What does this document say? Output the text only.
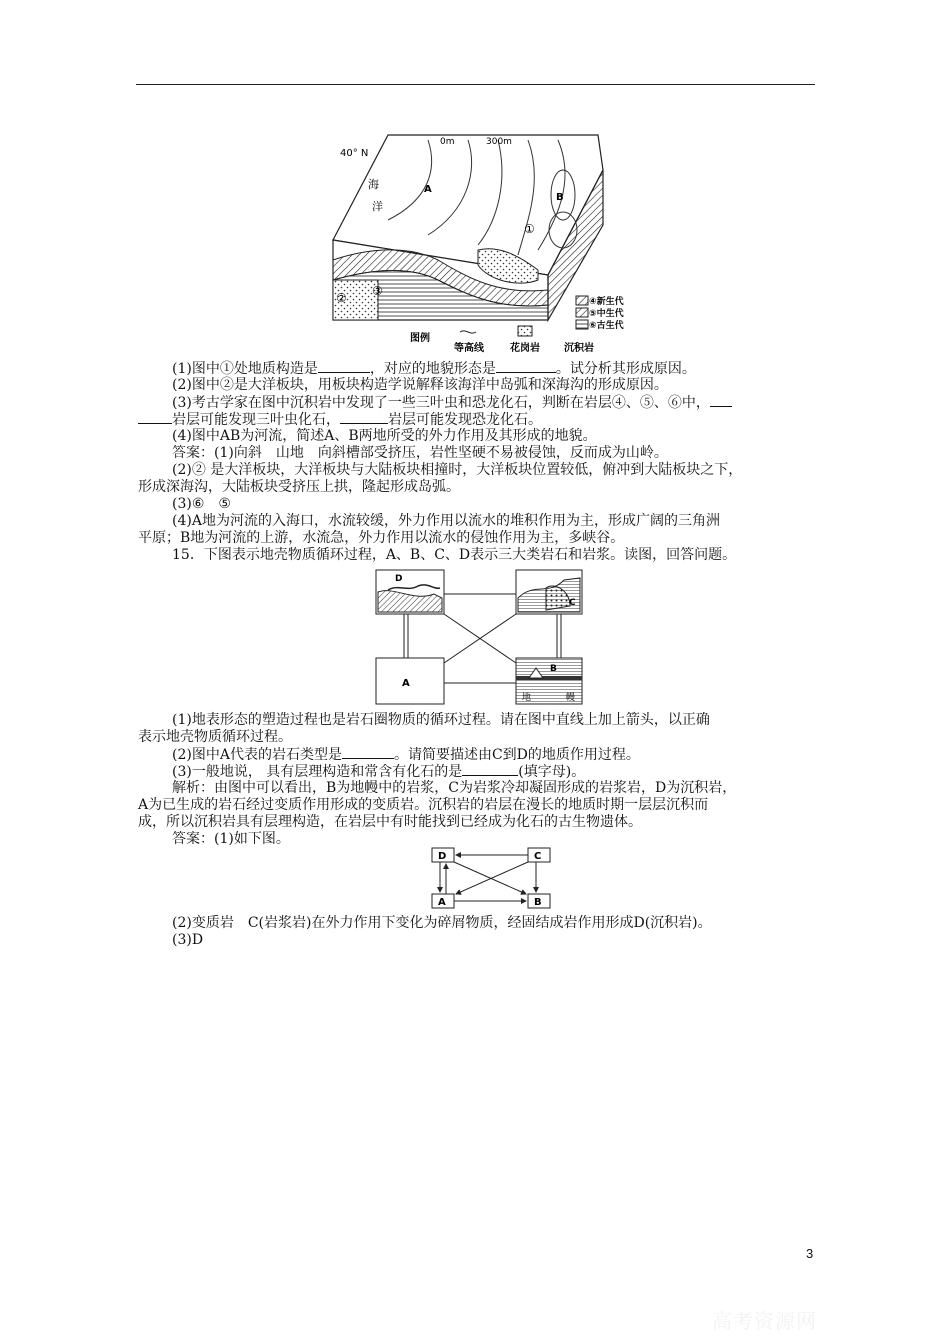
40° N
0m	300m
海
洋
A
B
①
② ③
图例
等高线	花岗岩 沉积岩
④新生代
⑤中生代
⑥古生代
(1)图中①处地质构造是	，对应的地貌形态是	。试分析其形成原因。
(2)图中②是大洋板块，用板块构造学说解释该海洋中岛弧和深海沟的形成原因。
(3)考古学家在图中沉积岩中发现了一些三叶虫和恐龙化石，判断在岩层④、⑤、⑥中，
岩层可能发现三叶虫化石，	岩层可能发现恐龙化石。
(4)图中AB为河流，简述A、B两地所受的外力作用及其形成的地貌。
答案：(1)向斜　山地　向斜槽部受挤压，岩性坚硬不易被侵蚀，反而成为山岭。
(2)② 是大洋板块，大洋板块与大陆板块相撞时，大洋板块位置较低，俯冲到大陆板块之下，
形成深海沟，大陆板块受挤压上拱，隆起形成岛弧。
(3)⑥　⑤
(4)A地为河流的入海口，水流较缓，外力作用以流水的堆积作用为主，形成广阔的三角洲
平原；B地为河流的上游，水流急，外力作用以流水的侵蚀作用为主，多峡谷。
15．下图表示地壳物质循环过程，A、B、C、D表示三大类岩石和岩浆。读图，回答问题。
D
C
A
B
地	幔
(1)地表形态的塑造过程也是岩石圈物质的循环过程。请在图中直线上加上箭头，以正确
表示地壳物质循环过程。
(2)图中A代表的岩石类型是	。请简要描述由C到D的地质作用过程。
(3)一般地说， 具有层理构造和常含有化石的是	(填字母)。
解析：由图中可以看出，B为地幔中的岩浆，C为岩浆冷却凝固形成的岩浆岩，D为沉积岩，
A为已生成的岩石经过变质作用形成的变质岩。沉积岩的岩层在漫长的地质时期一层层沉积而
成，所以沉积岩具有层理构造，在岩层中有时能找到已经成为化石的古生物遗体。
答案：(1)如下图。
D	C
A	B
(2)变质岩　C(岩浆岩)在外力作用下变化为碎屑物质，经固结成岩作用形成D(沉积岩)。
(3)D
3
高考资源网
